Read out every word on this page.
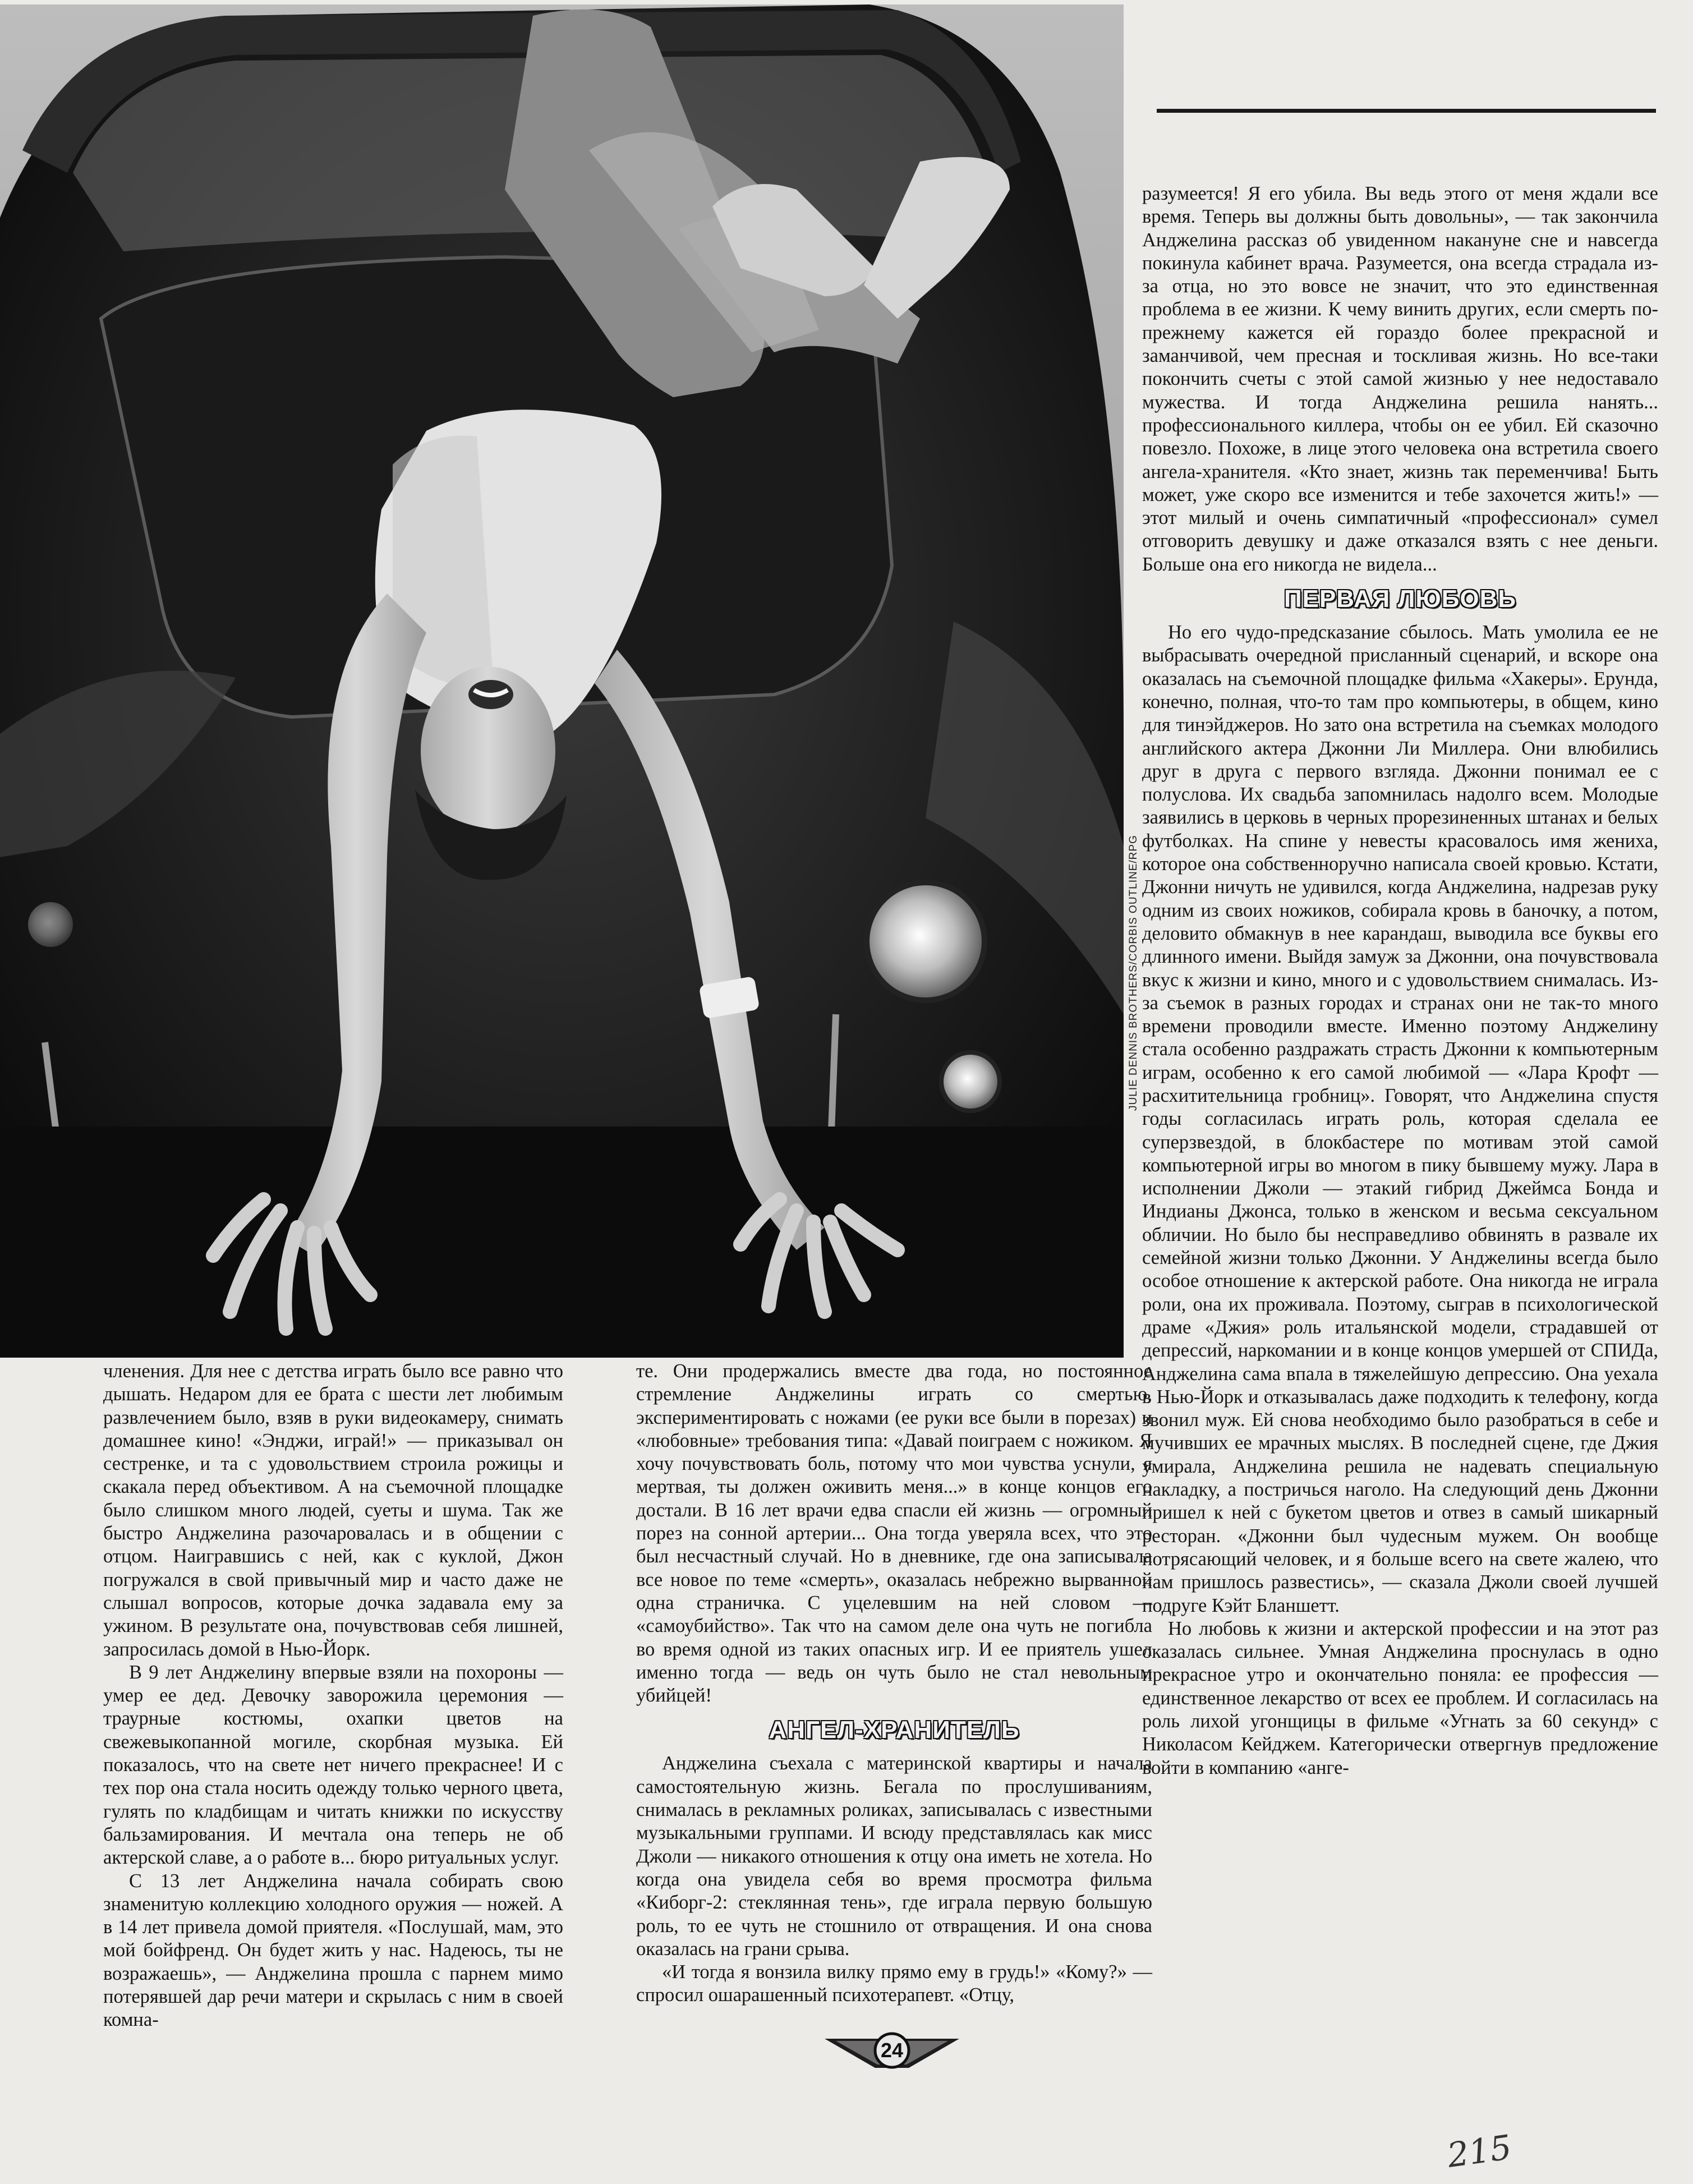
JULIE DENNIS BROTHERS/CORBIS OUTLINE/RPG

членения. Для нее с детства играть было все равно что дышать. Недаром для ее брата с шести лет любимым развлечением было, взяв в руки видеокамеру, снимать домашнее кино! «Энджи, играй!» — приказывал он сестренке, и та с удовольствием строила рожицы и скакала перед объективом. А на съемочной площадке было слишком много людей, суеты и шума. Так же быстро Анджелина разочаровалась и в общении с отцом. Наигравшись с ней, как с куклой, Джон погружался в свой привычный мир и часто даже не слышал вопросов, которые дочка задавала ему за ужином. В результате она, почувствовав себя лишней, запросилась домой в Нью-Йорк.

В 9 лет Анджелину впервые взяли на похороны — умер ее дед. Девочку заворожила церемония — траурные костюмы, охапки цветов на свежевыкопанной могиле, скорбная музыка. Ей показалось, что на свете нет ничего прекраснее! И с тех пор она стала носить одежду только черного цвета, гулять по кладбищам и читать книжки по искусству бальзамирования. И мечтала она теперь не об актерской славе, а о работе в... бюро ритуальных услуг.

С 13 лет Анджелина начала собирать свою знаменитую коллекцию холодного оружия — ножей. А в 14 лет привела домой приятеля. «Послушай, мам, это мой бойфренд. Он будет жить у нас. Надеюсь, ты не возражаешь», — Анджелина прошла с парнем мимо потерявшей дар речи матери и скрылась с ним в своей комна-

те. Они продержались вместе два года, но постоянное стремление Анджелины играть со смертью, экспериментировать с ножами (ее руки все были в порезах) и «любовные» требования типа: «Давай поиграем с ножиком. Я хочу почувствовать боль, потому что мои чувства уснули, я мертвая, ты должен оживить меня...» в конце концов его достали. В 16 лет врачи едва спасли ей жизнь — огромный порез на сонной артерии... Она тогда уверяла всех, что это был несчастный случай. Но в дневнике, где она записывала все новое по теме «смерть», оказалась небрежно вырванной одна страничка. С уцелевшим на ней словом — «самоубийство». Так что на самом деле она чуть не погибла во время одной из таких опасных игр. И ее приятель ушел именно тогда — ведь он чуть было не стал невольным убийцей!

АНГЕЛ-ХРАНИТЕЛЬ

Анджелина съехала с материнской квартиры и начала самостоятельную жизнь. Бегала по прослушиваниям, снималась в рекламных роликах, записывалась с известными музыкальными группами. И всюду представлялась как мисс Джоли — никакого отношения к отцу она иметь не хотела. Но когда она увидела себя во время просмотра фильма «Киборг-2: стеклянная тень», где играла первую большую роль, то ее чуть не стошнило от отвращения. И она снова оказалась на грани срыва.

«И тогда я вонзила вилку прямо ему в грудь!» «Кому?» — спросил ошарашенный психотерапевт. «Отцу,

разумеется! Я его убила. Вы ведь этого от меня ждали все время. Теперь вы должны быть довольны», — так закончила Анджелина рассказ об увиденном накануне сне и навсегда покинула кабинет врача. Разумеется, она всегда страдала из-за отца, но это вовсе не значит, что это единственная проблема в ее жизни. К чему винить других, если смерть по-прежнему кажется ей гораздо более прекрасной и заманчивой, чем пресная и тоскливая жизнь. Но все-таки покончить счеты с этой самой жизнью у нее недоставало мужества. И тогда Анджелина решила нанять... профессионального киллера, чтобы он ее убил. Ей сказочно повезло. Похоже, в лице этого человека она встретила своего ангела-хранителя. «Кто знает, жизнь так переменчива! Быть может, уже скоро все изменится и тебе захочется жить!» — этот милый и очень симпатичный «профессионал» сумел отговорить девушку и даже отказался взять с нее деньги. Больше она его никогда не видела...

ПЕРВАЯ ЛЮБОВЬ

Но его чудо-предсказание сбылось. Мать умолила ее не выбрасывать очередной присланный сценарий, и вскоре она оказалась на съемочной площадке фильма «Хакеры». Ерунда, конечно, полная, что-то там про компьютеры, в общем, кино для тинэйджеров. Но зато она встретила на съемках молодого английского актера Джонни Ли Миллера. Они влюбились друг в друга с первого взгляда. Джонни понимал ее с полуслова. Их свадьба запомнилась надолго всем. Молодые заявились в церковь в черных прорезиненных штанах и белых футболках. На спине у невесты красовалось имя жениха, которое она собственноручно написала своей кровью. Кстати, Джонни ничуть не удивился, когда Анджелина, надрезав руку одним из своих ножиков, собирала кровь в баночку, а потом, деловито обмакнув в нее карандаш, выводила все буквы его длинного имени. Выйдя замуж за Джонни, она почувствовала вкус к жизни и кино, много и с удовольствием снималась. Из-за съемок в разных городах и странах они не так-то много времени проводили вместе. Именно поэтому Анджелину стала особенно раздражать страсть Джонни к компьютерным играм, особенно к его самой любимой — «Лара Крофт — расхитительница гробниц». Говорят, что Анджелина спустя годы согласилась играть роль, которая сделала ее суперзвездой, в блокбастере по мотивам этой самой компьютерной игры во многом в пику бывшему мужу. Лара в исполнении Джоли — этакий гибрид Джеймса Бонда и Индианы Джонса, только в женском и весьма сексуальном обличии. Но было бы несправедливо обвинять в развале их семейной жизни только Джонни. У Анджелины всегда было особое отношение к актерской работе. Она никогда не играла роли, она их проживала. Поэтому, сыграв в психологической драме «Джия» роль итальянской модели, страдавшей от депрессий, наркомании и в конце концов умершей от СПИДа, Анджелина сама впала в тяжелейшую депрессию. Она уехала в Нью-Йорк и отказывалась даже подходить к телефону, когда звонил муж. Ей снова необходимо было разобраться в себе и мучивших ее мрачных мыслях. В последней сцене, где Джия умирала, Анджелина решила не надевать специальную накладку, а постричься наголо. На следующий день Джонни пришел к ней с букетом цветов и отвез в самый шикарный ресторан. «Джонни был чудесным мужем. Он вообще потрясающий человек, и я больше всего на свете жалею, что нам пришлось развестись», — сказала Джоли своей лучшей подруге Кэйт Бланшетт.

Но любовь к жизни и актерской профессии и на этот раз оказалась сильнее. Умная Анджелина проснулась в одно прекрасное утро и окончательно поняла: ее профессия — единственное лекарство от всех ее проблем. И согласилась на роль лихой угонщицы в фильме «Угнать за 60 секунд» с Николасом Кейджем. Категорически отвергнув предложение войти в компанию «анге-

24
215
